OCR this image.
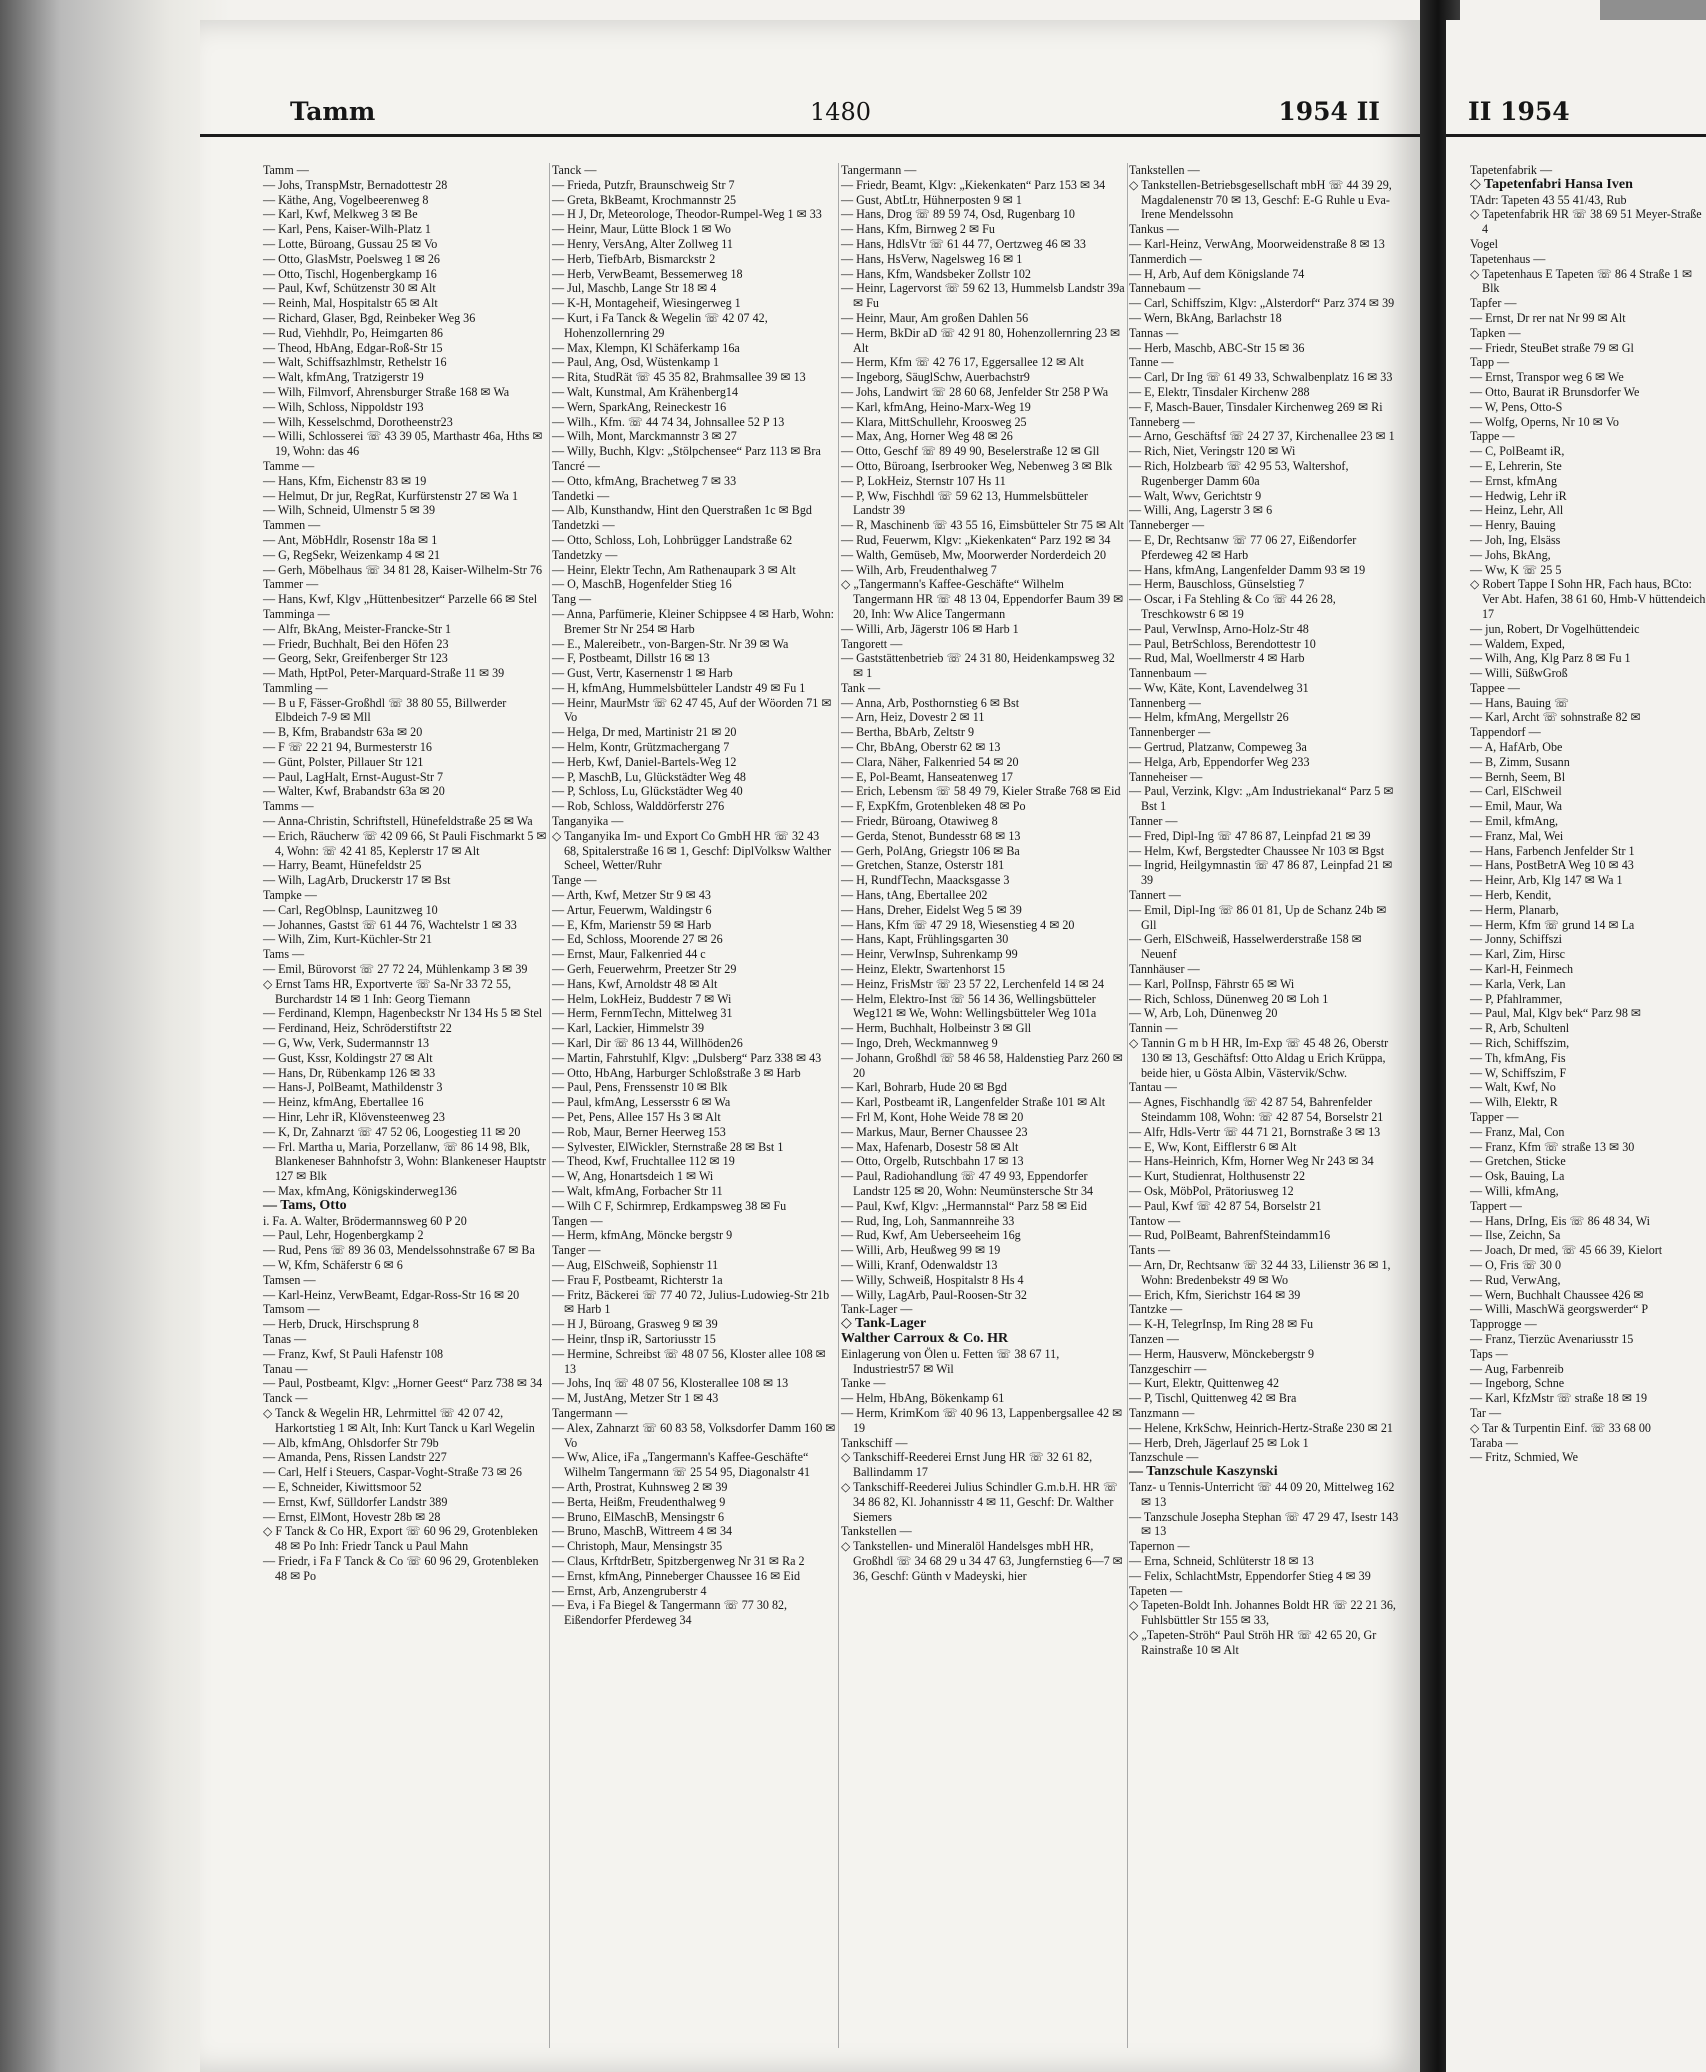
Tamm	1480	1954 II

Tamm —

— Johs, TranspMstr, Bernadottestr 28

— Käthe, Ang, Vogelbeerenweg 8

— Karl, Kwf, Melkweg 3 ✉ Be

— Karl, Pens, Kaiser-Wilh-Platz 1

— Lotte, Büroang, Gussau 25 ✉ Vo

— Otto, GlasMstr, Poelsweg 1 ✉ 26

— Otto, Tischl, Hogenbergkamp 16

— Paul, Kwf, Schützenstr 30 ✉ Alt

— Reinh, Mal, Hospitalstr 65 ✉ Alt

— Richard, Glaser, Bgd, Reinbeker Weg 36

— Rud, Viehhdlr, Po, Heimgarten 86

— Theod, HbAng, Edgar-Roß-Str 15

— Walt, Schiffsazhlmstr, Rethelstr 16

— Walt, kfmAng, Tratzigerstr 19

— Wilh, Filmvorf, Ahrensburger Straße 168 ✉ Wa

— Wilh, Schloss, Nippoldstr 193

— Wilh, Kesselschmd, Dorotheenstr23

— Willi, Schlosserei ☏ 43 39 05, Marthastr 46a, Hths ✉ 19, Wohn: das 46

Tamme —

— Hans, Kfm, Eichenstr 83 ✉ 19

— Helmut, Dr jur, RegRat, Kurfürstenstr 27 ✉ Wa 1

— Wilh, Schneid, Ulmenstr 5 ✉ 39

Tammen —

— Ant, MöbHdlr, Rosenstr 18a ✉ 1

— G, RegSekr, Weizenkamp 4 ✉ 21

— Gerh, Möbelhaus ☏ 34 81 28, Kaiser-Wilhelm-Str 76

Tammer —

— Hans, Kwf, Klgv „Hüttenbesitzer“ Parzelle 66 ✉ Stel

Tamminga —

— Alfr, BkAng, Meister-Francke-Str 1

— Friedr, Buchhalt, Bei den Höfen 23

— Georg, Sekr, Greifenberger Str 123

— Math, HptPol, Peter-Marquard-Straße 11 ✉ 39

Tammling —

— B u F, Fässer-Großhdl ☏ 38 80 55, Billwerder Elbdeich 7-9 ✉ Mll

— B, Kfm, Brabandstr 63a ✉ 20

— F ☏ 22 21 94, Burmesterstr 16

— Günt, Polster, Pillauer Str 121

— Paul, LagHalt, Ernst-August-Str 7

— Walter, Kwf, Brabandstr 63a ✉ 20

Tamms —

— Anna-Christin, Schriftstell, Hünefeldstraße 25 ✉ Wa

— Erich, Räucherw ☏ 42 09 66, St Pauli Fischmarkt 5 ✉ 4, Wohn: ☏ 42 41 85, Keplerstr 17 ✉ Alt

— Harry, Beamt, Hünefeldstr 25

— Wilh, LagArb, Druckerstr 17 ✉ Bst

Tampke —

— Carl, RegOblnsp, Launitzweg 10

— Johannes, Gastst ☏ 61 44 76, Wachtelstr 1 ✉ 33

— Wilh, Zim, Kurt-Küchler-Str 21

Tams —

— Emil, Bürovorst ☏ 27 72 24, Mühlenkamp 3 ✉ 39

◇ Ernst Tams HR, Exportverte ☏ Sa-Nr 33 72 55, Burchardstr 14 ✉ 1 Inh: Georg Tiemann

— Ferdinand, Klempn, Hagenbeckstr Nr 134 Hs 5 ✉ Stel

— Ferdinand, Heiz, Schröderstiftstr 22

— G, Ww, Verk, Sudermannstr 13

— Gust, Kssr, Koldingstr 27 ✉ Alt

— Hans, Dr, Rübenkamp 126 ✉ 33

— Hans-J, PolBeamt, Mathildenstr 3

— Heinz, kfmAng, Ebertallee 16

— Hinr, Lehr iR, Klövensteenweg 23

— K, Dr, Zahnarzt ☏ 47 52 06, Loogestieg 11 ✉ 20

— Frl. Martha u, Maria, Porzellanw, ☏ 86 14 98, Blk, Blankeneser Bahnhofstr 3, Wohn: Blankeneser Hauptstr 127 ✉ Blk

— Max, kfmAng, Königskinderweg136

— Tams, Otto

i. Fa. A. Walter, Brödermannsweg 60 P 20

— Paul, Lehr, Hogenbergkamp 2

— Rud, Pens ☏ 89 36 03, Mendelssohnstraße 67 ✉ Ba

— W, Kfm, Schäferstr 6 ✉ 6

Tamsen —

— Karl-Heinz, VerwBeamt, Edgar-Ross-Str 16 ✉ 20

Tamsom —

— Herb, Druck, Hirschsprung 8

Tanas —

— Franz, Kwf, St Pauli Hafenstr 108

Tanau —

— Paul, Postbeamt, Klgv: „Horner Geest“ Parz 738 ✉ 34

Tanck —

◇ Tanck & Wegelin HR, Lehrmittel ☏ 42 07 42, Harkortstieg 1 ✉ Alt, Inh: Kurt Tanck u Karl Wegelin

— Alb, kfmAng, Ohlsdorfer Str 79b

— Amanda, Pens, Rissen Landstr 227

— Carl, Helf i Steuers, Caspar-Voght-Straße 73 ✉ 26

— E, Schneider, Kiwittsmoor 52

— Ernst, Kwf, Sülldorfer Landstr 389

— Ernst, ElMont, Hovestr 28b ✉ 28

◇ F Tanck & Co HR, Export ☏ 60 96 29, Grotenbleken 48 ✉ Po Inh: Friedr Tanck u Paul Mahn

— Friedr, i Fa F Tanck & Co ☏ 60 96 29, Grotenbleken 48 ✉ Po

Tanck —

— Frieda, Putzfr, Braunschweig Str 7

— Greta, BkBeamt, Krochmannstr 25

— H J, Dr, Meteorologe, Theodor-Rumpel-Weg 1 ✉ 33

— Heinr, Maur, Lütte Block 1 ✉ Wo

— Henry, VersAng, Alter Zollweg 11

— Herb, TiefbArb, Bismarckstr 2

— Herb, VerwBeamt, Bessemerweg 18

— Jul, Maschb, Lange Str 18 ✉ 4

— K-H, Montageheif, Wiesingerweg 1

— Kurt, i Fa Tanck & Wegelin ☏ 42 07 42, Hohenzollernring 29

— Max, Klempn, Kl Schäferkamp 16a

— Paul, Ang, Osd, Wüstenkamp 1

— Rita, StudRät ☏ 45 35 82, Brahmsallee 39 ✉ 13

— Walt, Kunstmal, Am Krähenberg14

— Wern, SparkAng, Reineckestr 16

— Wilh., Kfm. ☏ 44 74 34, Johnsallee 52 P 13

— Wilh, Mont, Marckmannstr 3 ✉ 27

— Willy, Buchh, Klgv: „Stölpchensee“ Parz 113 ✉ Bra

Tancré —

— Otto, kfmAng, Brachetweg 7 ✉ 33

Tandetki —

— Alb, Kunsthandw, Hint den Querstraßen 1c ✉ Bgd

Tandetzki —

— Otto, Schloss, Loh, Lohbrügger Landstraße 62

Tandetzky —

— Heinr, Elektr Techn, Am Rathenaupark 3 ✉ Alt

— O, MaschB, Hogenfelder Stieg 16

Tang —

— Anna, Parfümerie, Kleiner Schippsee 4 ✉ Harb, Wohn: Bremer Str Nr 254 ✉ Harb

— E., Malereibetr., von-Bargen-Str. Nr 39 ✉ Wa

— F, Postbeamt, Dillstr 16 ✉ 13

— Gust, Vertr, Kasernenstr 1 ✉ Harb

— H, kfmAng, Hummelsbütteler Landstr 49 ✉ Fu 1

— Heinr, MaurMstr ☏ 62 47 45, Auf der Wöorden 71 ✉ Vo

— Helga, Dr med, Martinistr 21 ✉ 20

— Helm, Kontr, Grützmachergang 7

— Herb, Kwf, Daniel-Bartels-Weg 12

— P, MaschB, Lu, Glückstädter Weg 48

— P, Schloss, Lu, Glückstädter Weg 40

— Rob, Schloss, Walddörferstr 276

Tanganyika —

◇ Tanganyika Im- und Export Co GmbH HR ☏ 32 43 68, Spitalerstraße 16 ✉ 1, Geschf: DiplVolksw Walther Scheel, Wetter/Ruhr

Tange —

— Arth, Kwf, Metzer Str 9 ✉ 43

— Artur, Feuerwm, Waldingstr 6

— E, Kfm, Marienstr 59 ✉ Harb

— Ed, Schloss, Moorende 27 ✉ 26

— Ernst, Maur, Falkenried 44 c

— Gerh, Feuerwehrm, Preetzer Str 29

— Hans, Kwf, Arnoldstr 48 ✉ Alt

— Helm, LokHeiz, Buddestr 7 ✉ Wi

— Herm, FernmTechn, Mittelweg 31

— Karl, Lackier, Himmelstr 39

— Karl, Dir ☏ 86 13 44, Willhöden26

— Martin, Fahrstuhlf, Klgv: „Dulsberg“ Parz 338 ✉ 43

— Otto, HbAng, Harburger Schloßstraße 3 ✉ Harb

— Paul, Pens, Frenssenstr 10 ✉ Blk

— Paul, kfmAng, Lessersstr 6 ✉ Wa

— Pet, Pens, Allee 157 Hs 3 ✉ Alt

— Rob, Maur, Berner Heerweg 153

— Sylvester, ElWickler, Sternstraße 28 ✉ Bst 1

— Theod, Kwf, Fruchtallee 112 ✉ 19

— W, Ang, Honartsdeich 1 ✉ Wi

— Walt, kfmAng, Forbacher Str 11

— Wilh C F, Schirmrep, Erdkampsweg 38 ✉ Fu

Tangen —

— Herm, kfmAng, Möncke bergstr 9

Tanger —

— Aug, ElSchweiß, Sophienstr 11

— Frau F, Postbeamt, Richterstr 1a

— Fritz, Bäckerei ☏ 77 40 72, Julius-Ludowieg-Str 21b ✉ Harb 1

— H J, Büroang, Grasweg 9 ✉ 39

— Heinr, tInsp iR, Sartoriusstr 15

— Hermine, Schreibst ☏ 48 07 56, Kloster allee 108 ✉ 13

— Johs, Inq ☏ 48 07 56, Klosterallee 108 ✉ 13

— M, JustAng, Metzer Str 1 ✉ 43

Tangermann —

— Alex, Zahnarzt ☏ 60 83 58, Volksdorfer Damm 160 ✉ Vo

— Ww, Alice, iFa „Tangermann's Kaffee-Geschäfte“ Wilhelm Tangermann ☏ 25 54 95, Diagonalstr 41

— Arth, Prostrat, Kuhnsweg 2 ✉ 39

— Berta, Heißm, Freudenthalweg 9

— Bruno, ElMaschB, Mensingstr 6

— Bruno, MaschB, Wittreem 4 ✉ 34

— Christoph, Maur, Mensingstr 35

— Claus, KrftdrBetr, Spitzbergenweg Nr 31 ✉ Ra 2

— Ernst, kfmAng, Pinneberger Chaussee 16 ✉ Eid

— Ernst, Arb, Anzengruberstr 4

— Eva, i Fa Biegel & Tangermann ☏ 77 30 82, Eißendorfer Pferdeweg 34

Tangermann —

— Friedr, Beamt, Klgv: „Kiekenkaten“ Parz 153 ✉ 34

— Gust, AbtLtr, Hühnerposten 9 ✉ 1

— Hans, Drog ☏ 89 59 74, Osd, Rugenbarg 10

— Hans, Kfm, Birnweg 2 ✉ Fu

— Hans, HdlsVtr ☏ 61 44 77, Oertzweg 46 ✉ 33

— Hans, HsVerw, Nagelsweg 16 ✉ 1

— Hans, Kfm, Wandsbeker Zollstr 102

— Heinr, Lagervorst ☏ 59 62 13, Hummelsb Landstr 39a ✉ Fu

— Heinr, Maur, Am großen Dahlen 56

— Herm, BkDir aD ☏ 42 91 80, Hohenzollernring 23 ✉ Alt

— Herm, Kfm ☏ 42 76 17, Eggersallee 12 ✉ Alt

— Ingeborg, SäuglSchw, Auerbachstr9

— Johs, Landwirt ☏ 28 60 68, Jenfelder Str 258 P Wa

— Karl, kfmAng, Heino-Marx-Weg 19

— Klara, MittSchullehr, Kroosweg 25

— Max, Ang, Horner Weg 48 ✉ 26

— Otto, Geschf ☏ 89 49 90, Beselerstraße 12 ✉ Gll

— Otto, Büroang, Iserbrooker Weg, Nebenweg 3 ✉ Blk

— P, LokHeiz, Sternstr 107 Hs 11

— P, Ww, Fischhdl ☏ 59 62 13, Hummelsbütteler Landstr 39

— R, Maschinenb ☏ 43 55 16, Eimsbütteler Str 75 ✉ Alt

— Rud, Feuerwm, Klgv: „Kiekenkaten“ Parz 192 ✉ 34

— Walth, Gemüseb, Mw, Moorwerder Norderdeich 20

— Wilh, Arb, Freudenthalweg 7

◇ „Tangermann's Kaffee-Geschäfte“ Wilhelm Tangermann HR ☏ 48 13 04, Eppendorfer Baum 39 ✉ 20, Inh: Ww Alice Tangermann

— Willi, Arb, Jägerstr 106 ✉ Harb 1

Tangorett —

— Gaststättenbetrieb ☏ 24 31 80, Heidenkampsweg 32 ✉ 1

Tank —

— Anna, Arb, Posthornstieg 6 ✉ Bst

— Arn, Heiz, Dovestr 2 ✉ 11

— Bertha, BbArb, Zeltstr 9

— Chr, BbAng, Oberstr 62 ✉ 13

— Clara, Näher, Falkenried 54 ✉ 20

— E, Pol-Beamt, Hanseatenweg 17

— Erich, Lebensm ☏ 58 49 79, Kieler Straße 768 ✉ Eid

— F, ExpKfm, Grotenbleken 48 ✉ Po

— Friedr, Büroang, Otawiweg 8

— Gerda, Stenot, Bundesstr 68 ✉ 13

— Gerh, PolAng, Griegstr 106 ✉ Ba

— Gretchen, Stanze, Osterstr 181

— H, RundfTechn, Maacksgasse 3

— Hans, tAng, Ebertallee 202

— Hans, Dreher, Eidelst Weg 5 ✉ 39

— Hans, Kfm ☏ 47 29 18, Wiesenstieg 4 ✉ 20

— Hans, Kapt, Frühlingsgarten 30

— Heinr, VerwInsp, Suhrenkamp 99

— Heinz, Elektr, Swartenhorst 15

— Heinz, FrisMstr ☏ 23 57 22, Lerchenfeld 14 ✉ 24

— Helm, Elektro-Inst ☏ 56 14 36, Wellingsbütteler Weg121 ✉ We, Wohn: Wellingsbütteler Weg 101a

— Herm, Buchhalt, Holbeinstr 3 ✉ Gll

— Ingo, Dreh, Weckmannweg 9

— Johann, Großhdl ☏ 58 46 58, Haldenstieg Parz 260 ✉ 20

— Karl, Bohrarb, Hude 20 ✉ Bgd

— Karl, Postbeamt iR, Langenfelder Straße 101 ✉ Alt

— Frl M, Kont, Hohe Weide 78 ✉ 20

— Markus, Maur, Berner Chaussee 23

— Max, Hafenarb, Dosestr 58 ✉ Alt

— Otto, Orgelb, Rutschbahn 17 ✉ 13

— Paul, Radiohandlung ☏ 47 49 93, Eppendorfer Landstr 125 ✉ 20, Wohn: Neumünstersche Str 34

— Paul, Kwf, Klgv: „Hermannstal“ Parz 58 ✉ Eid

— Rud, Ing, Loh, Sanmannreihe 33

— Rud, Kwf, Am Ueberseeheim 16g

— Willi, Arb, Heußweg 99 ✉ 19

— Willi, Kranf, Odenwaldstr 13

— Willy, Schweiß, Hospitalstr 8 Hs 4

— Willy, LagArb, Paul-Roosen-Str 32

Tank-Lager —

◇ Tank-Lager

Walther Carroux & Co. HR

Einlagerung von Ölen u. Fetten ☏ 38 67 11, Industriestr57 ✉ Wil

Tanke —

— Helm, HbAng, Bökenkamp 61

— Herm, KrimKom ☏ 40 96 13, Lappenbergsallee 42 ✉ 19

Tankschiff —

◇ Tankschiff-Reederei Ernst Jung HR ☏ 32 61 82, Ballindamm 17

◇ Tankschiff-Reederei Julius Schindler G.m.b.H. HR ☏ 34 86 82, Kl. Johannisstr 4 ✉ 11, Geschf: Dr. Walther Siemers

Tankstellen —

◇ Tankstellen- und Mineralöl Handelsges mbH HR, Großhdl ☏ 34 68 29 u 34 47 63, Jungfernstieg 6—7 ✉ 36, Geschf: Günth v Madeyski, hier

Tankstellen —

◇ Tankstellen-Betriebsgesellschaft mbH ☏ 44 39 29, Magdalenenstr 70 ✉ 13, Geschf: E-G Ruhle u Eva-Irene Mendelssohn

Tankus —

— Karl-Heinz, VerwAng, Moorweidenstraße 8 ✉ 13

Tanmerdich —

— H, Arb, Auf dem Königslande 74

Tannebaum —

— Carl, Schiffszim, Klgv: „Alsterdorf“ Parz 374 ✉ 39

— Wern, BkAng, Barlachstr 18

Tannas —

— Herb, Maschb, ABC-Str 15 ✉ 36

Tanne —

— Carl, Dr Ing ☏ 61 49 33, Schwalbenplatz 16 ✉ 33

— E, Elektr, Tinsdaler Kirchenw 288

— F, Masch-Bauer, Tinsdaler Kirchenweg 269 ✉ Ri

Tanneberg —

— Arno, Geschäftsf ☏ 24 27 37, Kirchenallee 23 ✉ 1

— Rich, Niet, Veringstr 120 ✉ Wi

— Rich, Holzbearb ☏ 42 95 53, Waltershof, Rugenberger Damm 60a

— Walt, Wwv, Gerichtstr 9

— Willi, Ang, Lagerstr 3 ✉ 6

Tanneberger —

— E, Dr, Rechtsanw ☏ 77 06 27, Eißendorfer Pferdeweg 42 ✉ Harb

— Hans, kfmAng, Langenfelder Damm 93 ✉ 19

— Herm, Bauschloss, Günselstieg 7

— Oscar, i Fa Stehling & Co ☏ 44 26 28, Treschkowstr 6 ✉ 19

— Paul, VerwInsp, Arno-Holz-Str 48

— Paul, BetrSchloss, Berendottestr 10

— Rud, Mal, Woellmerstr 4 ✉ Harb

Tannenbaum —

— Ww, Käte, Kont, Lavendelweg 31

Tannenberg —

— Helm, kfmAng, Mergellstr 26

Tannenberger —

— Gertrud, Platzanw, Compeweg 3a

— Helga, Arb, Eppendorfer Weg 233

Tanneheiser —

— Paul, Verzink, Klgv: „Am Industriekanal“ Parz 5 ✉ Bst 1

Tanner —

— Fred, Dipl-Ing ☏ 47 86 87, Leinpfad 21 ✉ 39

— Helm, Kwf, Bergstedter Chaussee Nr 103 ✉ Bgst

— Ingrid, Heilgymnastin ☏ 47 86 87, Leinpfad 21 ✉ 39

Tannert —

— Emil, Dipl-Ing ☏ 86 01 81, Up de Schanz 24b ✉ Gll

— Gerh, ElSchweiß, Hasselwerderstraße 158 ✉ Neuenf

Tannhäuser —

— Karl, PolInsp, Fährstr 65 ✉ Wi

— Rich, Schloss, Dünenweg 20 ✉ Loh 1

— W, Arb, Loh, Dünenweg 20

Tannin —

◇ Tannin G m b H HR, Im-Exp ☏ 45 48 26, Oberstr 130 ✉ 13, Geschäftsf: Otto Aldag u Erich Krüppa, beide hier, u Gösta Albin, Västervik/Schw.

Tantau —

— Agnes, Fischhandlg ☏ 42 87 54, Bahrenfelder Steindamm 108, Wohn: ☏ 42 87 54, Borselstr 21

— Alfr, Hdls-Vertr ☏ 44 71 21, Bornstraße 3 ✉ 13

— E, Ww, Kont, Eifflerstr 6 ✉ Alt

— Hans-Heinrich, Kfm, Horner Weg Nr 243 ✉ 34

— Kurt, Studienrat, Holthusenstr 22

— Osk, MöbPol, Prätoriusweg 12

— Paul, Kwf ☏ 42 87 54, Borselstr 21

Tantow —

— Rud, PolBeamt, BahrenfSteindamm16

Tants —

— Arn, Dr, Rechtsanw ☏ 32 44 33, Lilienstr 36 ✉ 1, Wohn: Bredenbekstr 49 ✉ Wo

— Erich, Kfm, Sierichstr 164 ✉ 39

Tantzke —

— K-H, TelegrInsp, Im Ring 28 ✉ Fu

Tanzen —

— Herm, Hausverw, Mönckebergstr 9

Tanzgeschirr —

— Kurt, Elektr, Quittenweg 42

— P, Tischl, Quittenweg 42 ✉ Bra

Tanzmann —

— Helene, KrkSchw, Heinrich-Hertz-Straße 230 ✉ 21

— Herb, Dreh, Jägerlauf 25 ✉ Lok 1

Tanzschule —

— Tanzschule Kaszynski

Tanz- u Tennis-Unterricht ☏ 44 09 20, Mittelweg 162 ✉ 13

— Tanzschule Josepha Stephan ☏ 47 29 47, Isestr 143 ✉ 13

Tapernon —

— Erna, Schneid, Schlüterstr 18 ✉ 13

— Felix, SchlachtMstr, Eppendorfer Stieg 4 ✉ 39

Tapeten —

◇ Tapeten-Boldt Inh. Johannes Boldt HR ☏ 22 21 36, Fuhlsbüttler Str 155 ✉ 33,

◇ „Tapeten-Ströh“ Paul Ströh HR ☏ 42 65 20, Gr Rainstraße 10 ✉ Alt

II 1954

Tapetenfabrik —

◇ Tapetenfabri Hansa Iven

TAdr: Tapeten 43 55 41/43, Rub

◇ Tapetenfabrik HR ☏ 38 69 51 Meyer-Straße 4

Vogel

Tapetenhaus —

◇ Tapetenhaus E Tapeten ☏ 86 4 Straße 1 ✉ Blk

Tapfer —

— Ernst, Dr rer nat Nr 99 ✉ Alt

Tapken —

— Friedr, SteuBet straße 79 ✉ Gl

Tapp —

— Ernst, Transpor weg 6 ✉ We

— Otto, Baurat iR Brunsdorfer We

— W, Pens, Otto-S

— Wolfg, Operns, Nr 10 ✉ Vo

Tappe —

— C, PolBeamt iR,

— E, Lehrerin, Ste

— Ernst, kfmAng

— Hedwig, Lehr iR

— Heinz, Lehr, All

— Henry, Bauing

— Joh, Ing, Elsäss

— Johs, BkAng,

— Ww, K ☏ 25 5

◇ Robert Tappe I Sohn HR, Fach haus, BCto: Ver Abt. Hafen, 38 61 60, Hmb-V hüttendeich 17

— jun, Robert, Dr Vogelhüttendeic

— Waldem, Exped,

— Wilh, Ang, Klg Parz 8 ✉ Fu 1

— Willi, SüßwGroß

Tappee —

— Hans, Bauing ☏

— Karl, Archt ☏ sohnstraße 82 ✉

Tappendorf —

— A, HafArb, Obe

— B, Zimm, Susann

— Bernh, Seem, Bl

— Carl, ElSchweil

— Emil, Maur, Wa

— Emil, kfmAng,

— Franz, Mal, Wei

— Hans, Farbench Jenfelder Str 1

— Hans, PostBetrA Weg 10 ✉ 43

— Heinr, Arb, Klg 147 ✉ Wa 1

— Herb, Kendit,

— Herm, Planarb,

— Herm, Kfm ☏ grund 14 ✉ La

— Jonny, Schiffszi

— Karl, Zim, Hirsc

— Karl-H, Feinmech

— Karla, Verk, Lan

— P, Pfahlrammer,

— Paul, Mal, Klgv bek“ Parz 98 ✉

— R, Arb, Schultenl

— Rich, Schiffszim,

— Th, kfmAng, Fis

— W, Schiffszim, F

— Walt, Kwf, No

— Wilh, Elektr, R

Tapper —

— Franz, Mal, Con

— Franz, Kfm ☏ straße 13 ✉ 30

— Gretchen, Sticke

— Osk, Bauing, La

— Willi, kfmAng,

Tappert —

— Hans, DrIng, Eis ☏ 86 48 34, Wi

— Ilse, Zeichn, Sa

— Joach, Dr med, ☏ 45 66 39, Kielort

— O, Fris ☏ 30 0

— Rud, VerwAng,

— Wern, Buchhalt Chaussee 426 ✉

— Willi, MaschWä georgswerder“ P

Tapprogge —

— Franz, Tierzüc Avenariusstr 15

Taps —

— Aug, Farbenreib

— Ingeborg, Schne

— Karl, KfzMstr ☏ straße 18 ✉ 19

Tar —

◇ Tar & Turpentin Einf. ☏ 33 68 00

Taraba —

— Fritz, Schmied, We
